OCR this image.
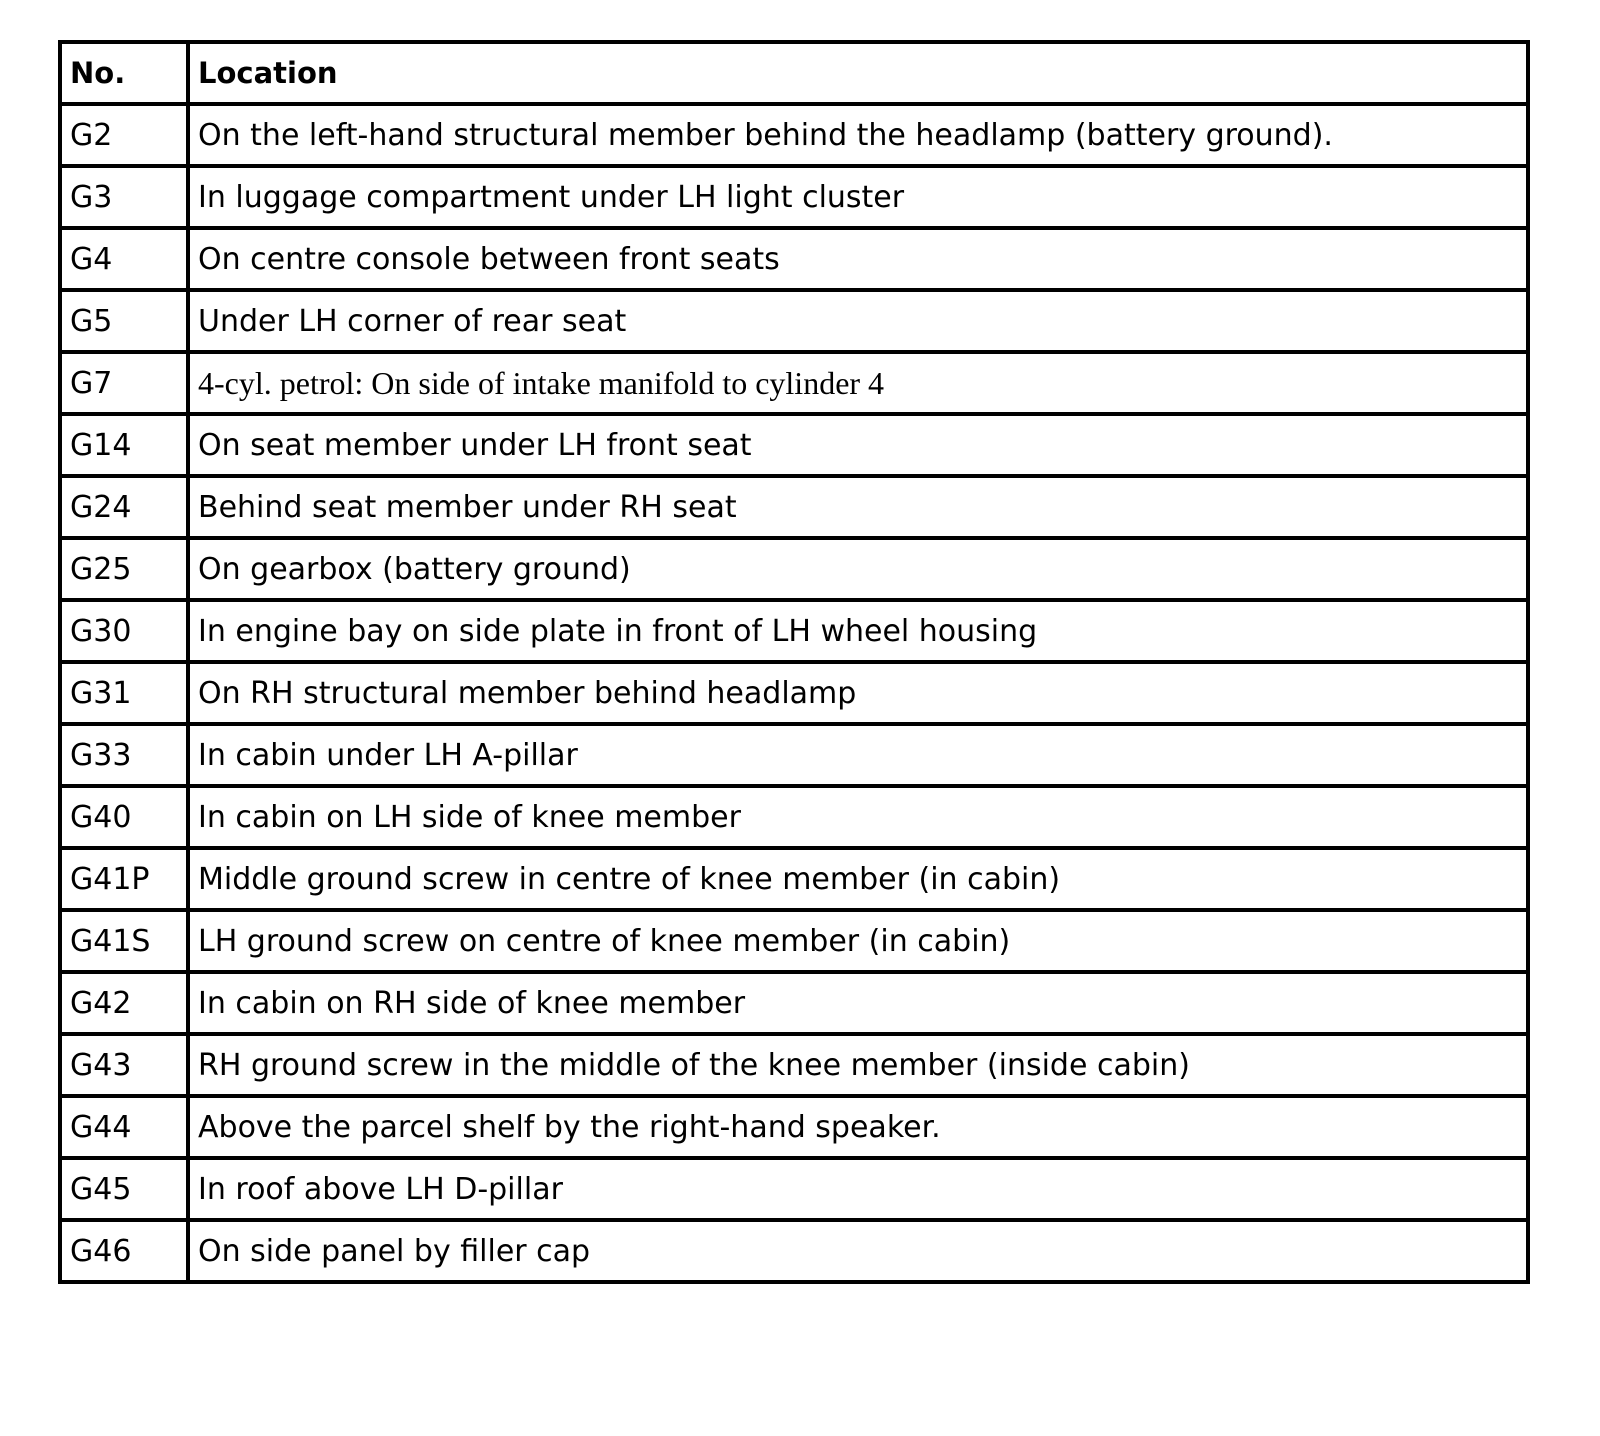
No.	Location
G2	On the left-hand structural member behind the headlamp (battery ground).
G3	In luggage compartment under LH light cluster
G4	On centre console between front seats
G5	Under LH corner of rear seat
G7	4-cyl. petrol: On side of intake manifold to cylinder 4
G14	On seat member under LH front seat
G24	Behind seat member under RH seat
G25	On gearbox (battery ground)
G30	In engine bay on side plate in front of LH wheel housing
G31	On RH structural member behind headlamp
G33	In cabin under LH A-pillar
G40	In cabin on LH side of knee member
G41P	Middle ground screw in centre of knee member (in cabin)
G41S	LH ground screw on centre of knee member (in cabin)
G42	In cabin on RH side of knee member
G43	RH ground screw in the middle of the knee member (inside cabin)
G44	Above the parcel shelf by the right-hand speaker.
G45	In roof above LH D-pillar
G46	On side panel by filler cap
